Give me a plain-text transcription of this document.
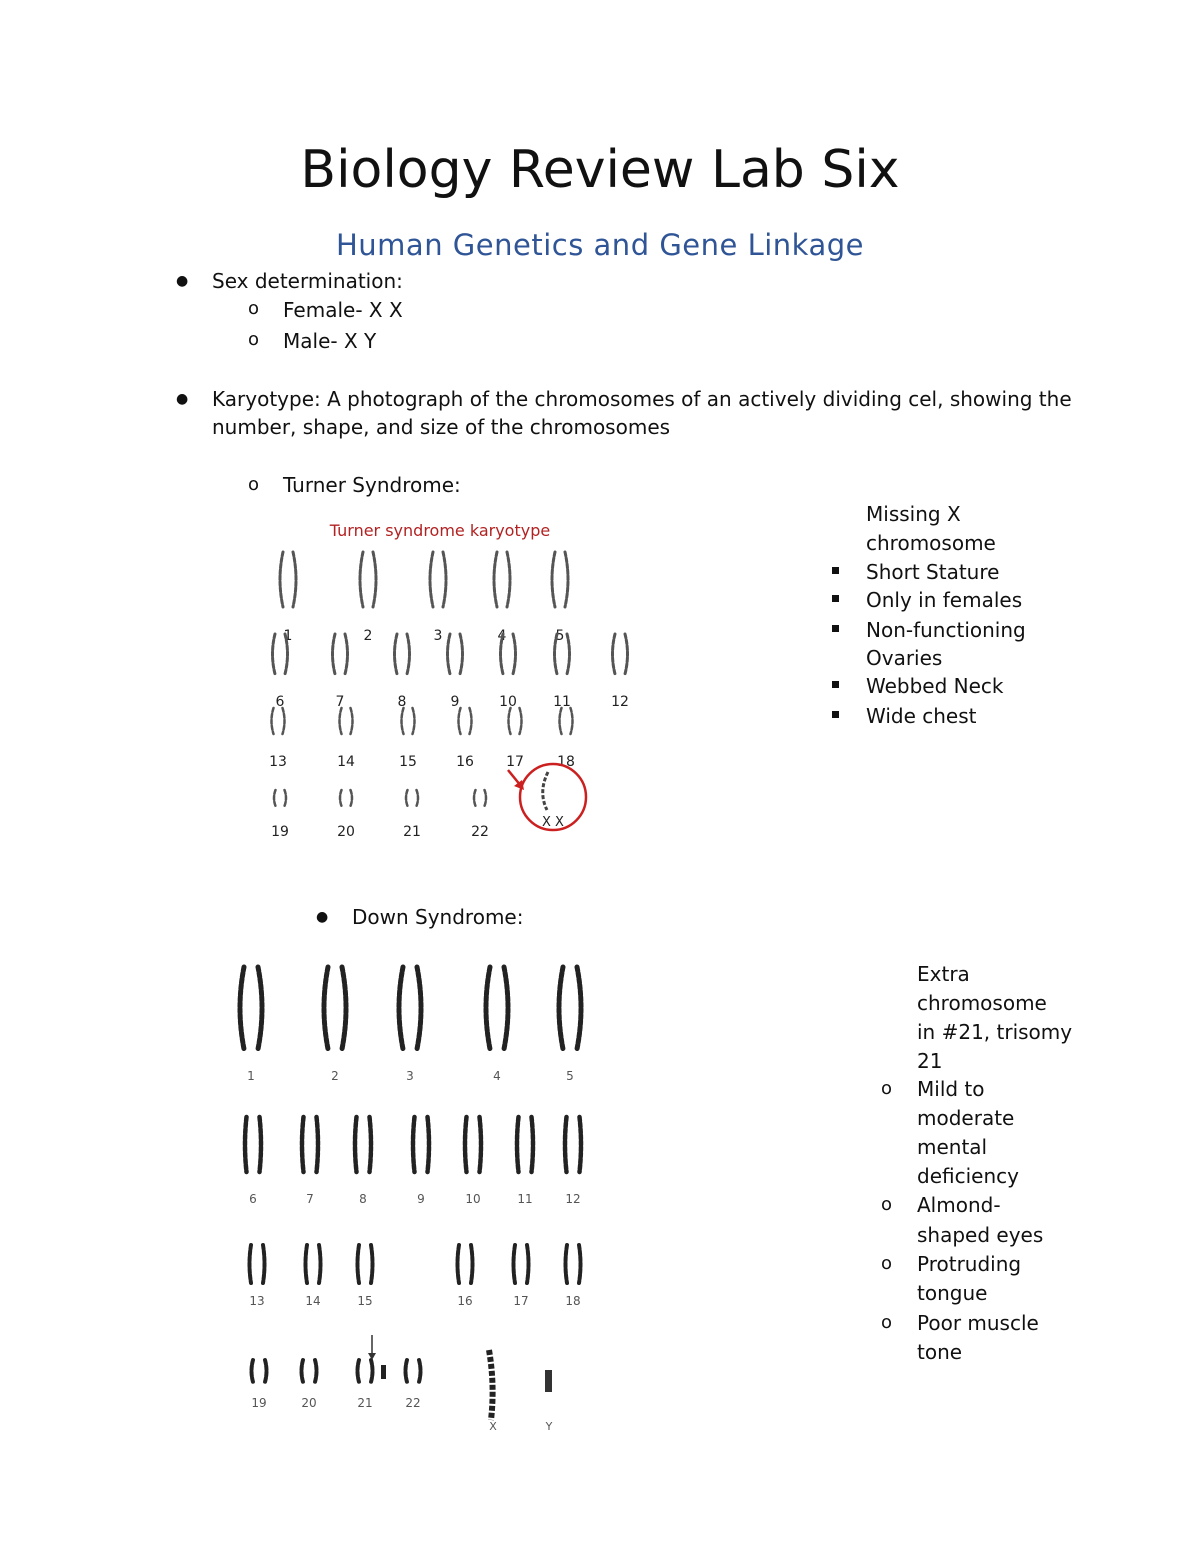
Biology Review Lab Six
Human Genetics and Gene Linkage
● Sex determination:
o Female- X X
o Male- X Y
● Karyotype: A photograph of the chromosomes of an actively dividing cel, showing the
number, shape, and size of the chromosomes
o Turner Syndrome:
Turner syndrome karyotype
1	2	3	4	5
6	7	8	9	10	11	12
13	14	15	16 17 18
19	20	21	22
X X
Missing X
chromosome
Short Stature
Only in females
Non-functioning
Ovaries
Webbed Neck
Wide chest
● Down Syndrome:
1	2	3	4	5
6	7	8	9	10	11	12
13	14	15	16	17	18
19	20	21	22
X	Y
Extra
chromosome
in #21, trisomy
21
o Mild to
moderate
mental
deficiency
o Almond-
shaped eyes
o Protruding
tongue
o Poor muscle
tone
